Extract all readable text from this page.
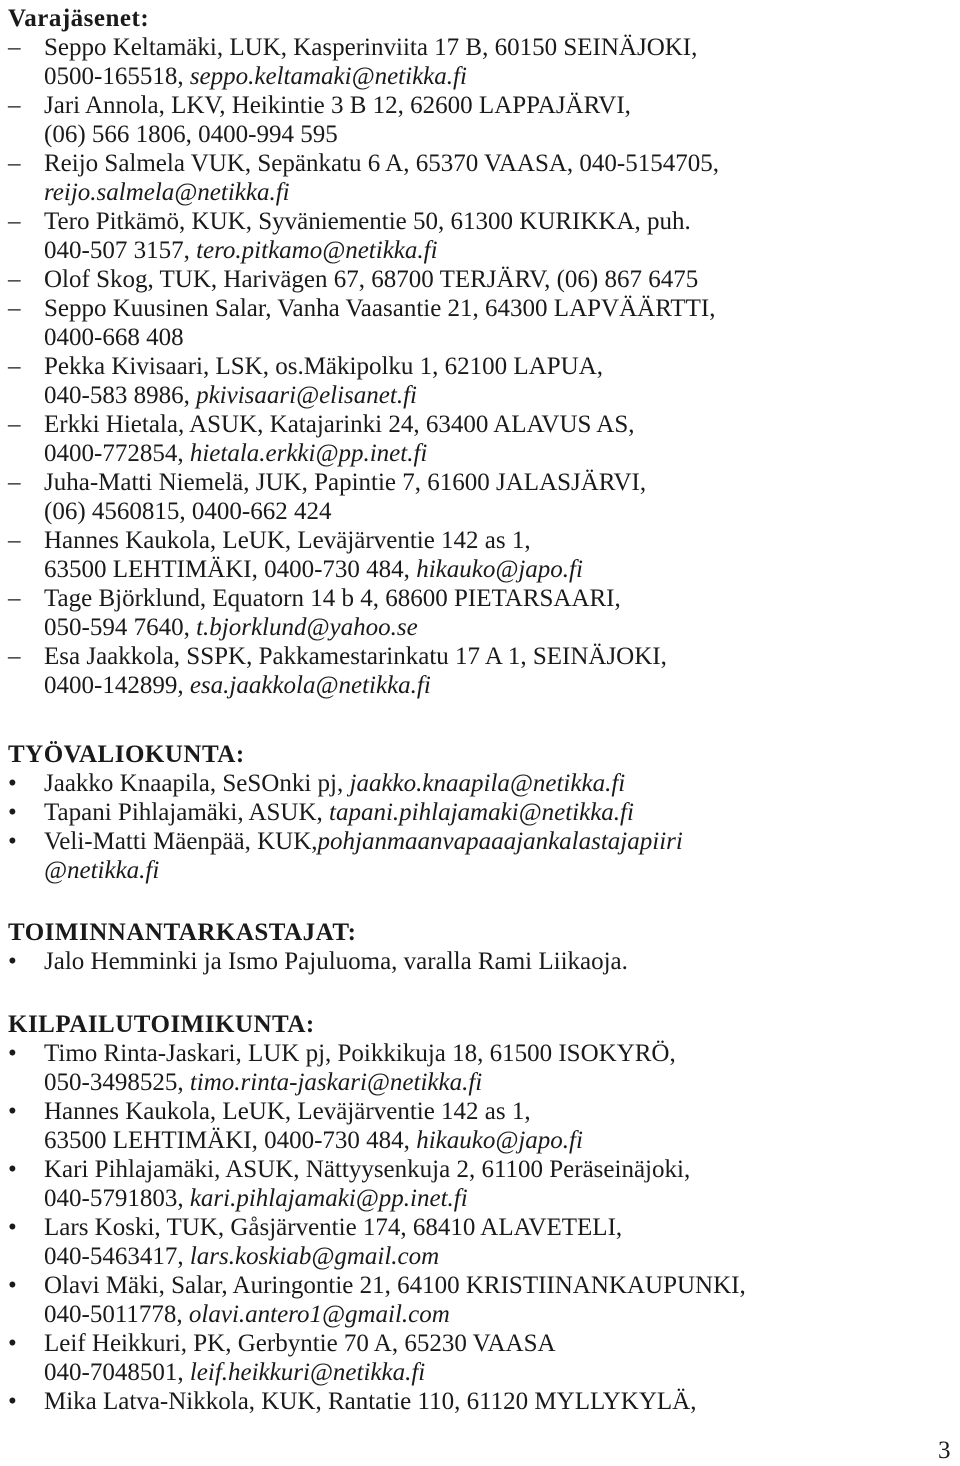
Varajäsenet:
– Seppo Keltamäki, LUK, Kasperinviita 17 B, 60150 SEINÄJOKI,
0500-165518, seppo.keltamaki@netikka.fi
– Jari Annola, LKV, Heikintie 3 B 12, 62600 LAPPAJÄRVI,
(06) 566 1806, 0400-994 595
– Reijo Salmela VUK, Sepänkatu 6 A, 65370 VAASA, 040-5154705,
reijo.salmela@netikka.fi
– Tero Pitkämö, KUK, Syväniementie 50, 61300 KURIKKA, puh.
040-507 3157, tero.pitkamo@netikka.fi
– Olof Skog, TUK, Harivägen 67, 68700 TERJÄRV, (06) 867 6475
– Seppo Kuusinen Salar, Vanha Vaasantie 21, 64300 LAPVÄÄRTTI,
0400-668 408
– Pekka Kivisaari, LSK, os.Mäkipolku 1, 62100 LAPUA,
040-583 8986, pkivisaari@elisanet.fi
– Erkki Hietala, ASUK, Katajarinki 24, 63400 ALAVUS AS,
0400-772854, hietala.erkki@pp.inet.fi
– Juha-Matti Niemelä, JUK, Papintie 7, 61600 JALASJÄRVI,
(06) 4560815, 0400-662 424
– Hannes Kaukola, LeUK, Leväjärventie 142 as 1,
63500 LEHTIMÄKI, 0400-730 484, hikauko@japo.fi
– Tage Björklund, Equatorn 14 b 4, 68600 PIETARSAARI,
050-594 7640, t.bjorklund@yahoo.se
– Esa Jaakkola, SSPK, Pakkamestarinkatu 17 A 1, SEINÄJOKI,
0400-142899, esa.jaakkola@netikka.fi
TYÖVALIOKUNTA:
•	Jaakko Knaapila, SeSOnki pj, jaakko.knaapila@netikka.fi
•	Tapani Pihlajamäki, ASUK, tapani.pihlajamaki@netikka.fi
•	Veli-Matti Mäenpää, KUK,pohjanmaanvapaaajankalastajapiiri
@netikka.fi
TOIMINNANTARKASTAJAT:
•	Jalo Hemminki ja Ismo Pajuluoma, varalla Rami Liikaoja.
KILPAILUTOIMIKUNTA:
•	Timo Rinta-Jaskari, LUK pj, Poikkikuja 18, 61500 ISOKYRÖ,
050-3498525, timo.rinta-jaskari@netikka.fi
•	Hannes Kaukola, LeUK, Leväjärventie 142 as 1,
63500 LEHTIMÄKI, 0400-730 484, hikauko@japo.fi
•	Kari Pihlajamäki, ASUK, Nättyysenkuja 2, 61100 Peräseinäjoki,
040-5791803, kari.pihlajamaki@pp.inet.fi
•	Lars Koski, TUK, Gåsjärventie 174, 68410 ALAVETELI,
040-5463417, lars.koskiab@gmail.com
•	Olavi Mäki, Salar, Auringontie 21, 64100 KRISTIINANKAUPUNKI,
040-5011778, olavi.antero1@gmail.com
•	Leif Heikkuri, PK, Gerbyntie 70 A, 65230 VAASA
040-7048501, leif.heikkuri@netikka.fi
•	Mika Latva-Nikkola, KUK, Rantatie 110, 61120 MYLLYKYLÄ,
3
